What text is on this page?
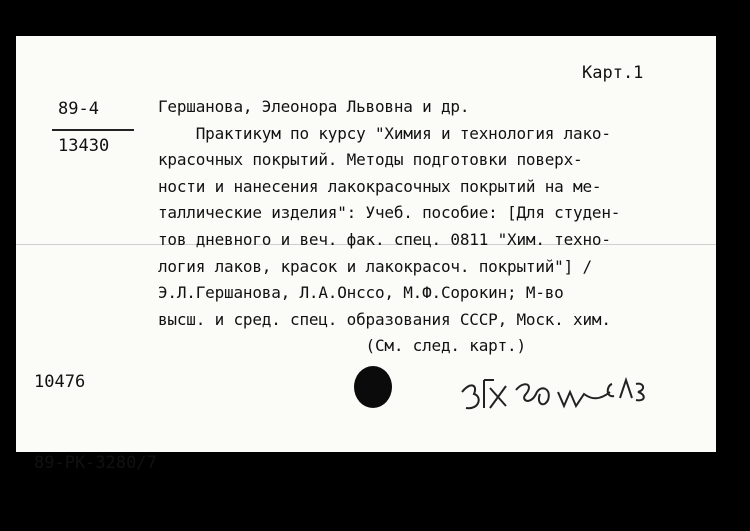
Карт.1
89-4
13430
Гершанова, Элеонора Львовна и др.
Практикум по курсу "Химия и технология лако-
красочных покрытий. Методы подготовки поверх-
ности и нанесения лакокрасочных покрытий на ме-
таллические изделия": Учеб. пособие: [Для студен-
тов дневного и веч. фак. спец. 0811 "Хим. техно-
логия лаков, красок и лакокрасоч. покрытий"] /
Э.Л.Гершанова, Л.А.Онссо, М.Ф.Сорокин; М-во
высш. и сред. спец. образования СССР, Моск. хим.
(См. след. карт.)

10476

89-РК-3280/7
